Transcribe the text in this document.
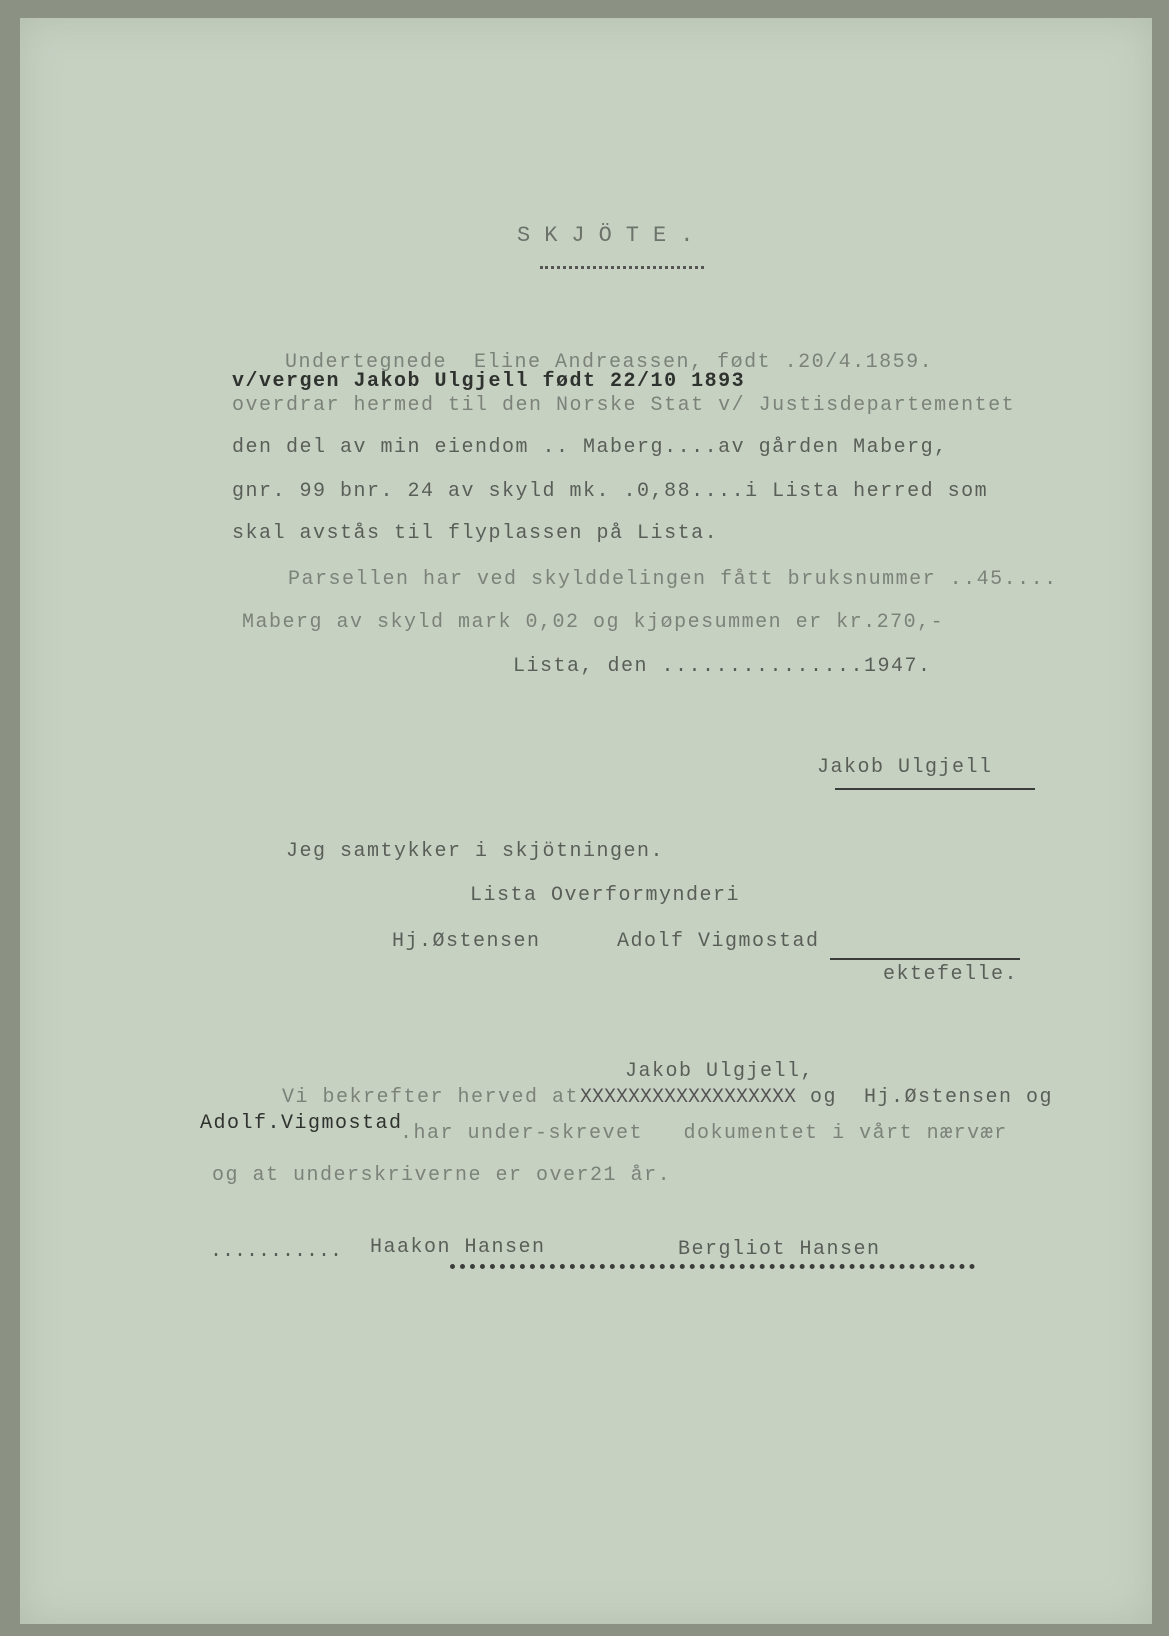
SKJÖTE.
Undertegnede  Eline Andreassen, født .20/4.1859.
v/vergen Jakob Ulgjell født 22/10 1893
overdrar hermed til den Norske Stat v/ Justisdepartementet
den del av min eiendom .. Maberg....av gården Maberg,
gnr. 99 bnr. 24 av skyld mk. .0,88....i Lista herred som
skal avstås til flyplassen på Lista.
Parsellen har ved skylddelingen fått bruksnummer ..45....
Maberg av skyld mark 0,02 og kjøpesummen er kr.270,-
Lista, den ...............1947.
Jakob Ulgjell
Jeg samtykker i skjötningen.
Lista Overformynderi
Hj.Østensen	Adolf Vigmostad
ektefelle.
Jakob Ulgjell,
Vi bekrefter herved at XXXXXXXXXXXXXXXXXX og  Hj.Østensen og
Adolf.Vigmostad
.har under-skrevet   dokumentet i vårt nærvær
og at underskriverne er over21 år.
........... Haakon Hansen	Bergliot Hansen
